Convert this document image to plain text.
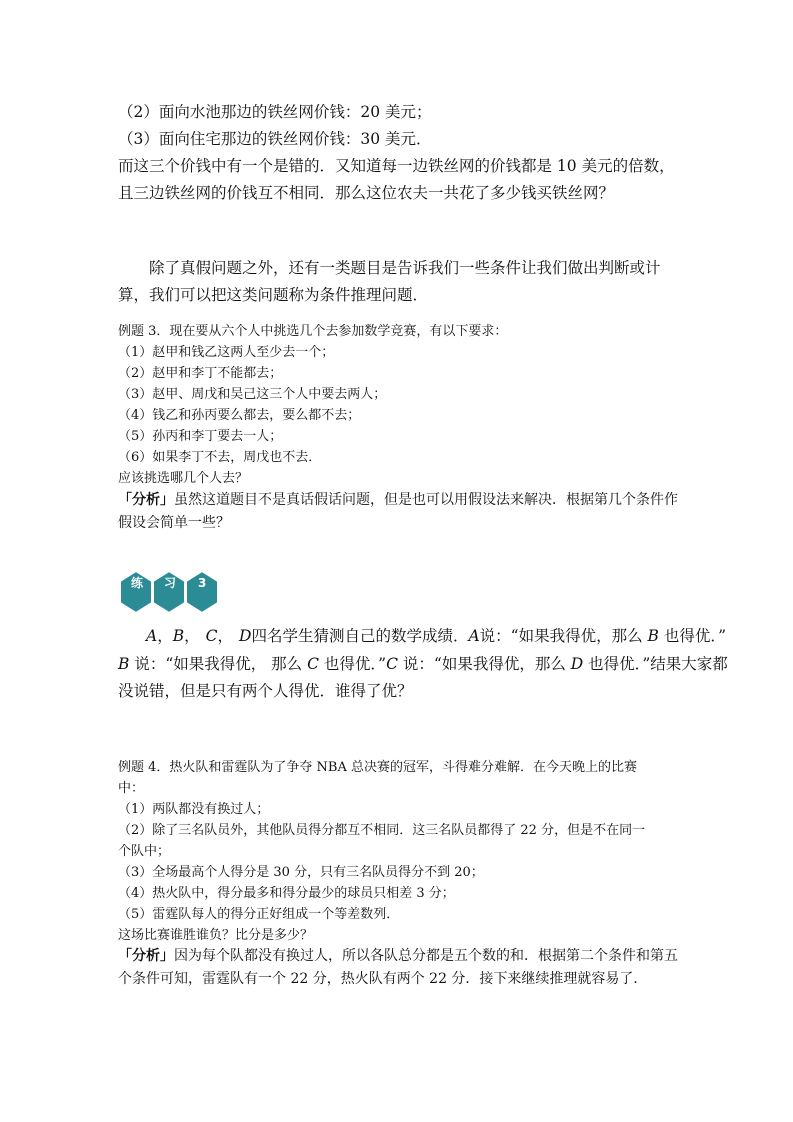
（2）面向水池那边的铁丝网价钱：20 美元；
（3）面向住宅那边的铁丝网价钱：30 美元．
而这三个价钱中有一个是错的．又知道每一边铁丝网的价钱都是 10 美元的倍数，
且三边铁丝网的价钱互不相同．那么这位农夫一共花了多少钱买铁丝网？
除了真假问题之外，还有一类题目是告诉我们一些条件让我们做出判断或计
算，我们可以把这类问题称为条件推理问题．
例题 3．现在要从六个人中挑选几个去参加数学竞赛，有以下要求：
（1）赵甲和钱乙这两人至少去一个；
（2）赵甲和李丁不能都去；
（3）赵甲、周戊和吴己这三个人中要去两人；
（4）钱乙和孙丙要么都去，要么都不去；
（5）孙丙和李丁要去一人；
（6）如果李丁不去，周戊也不去．
应该挑选哪几个人去？
「分析」虽然这道题目不是真话假话问题，但是也可以用假设法来解决．根据第几个条件作
假设会简单一些？
练 习 3
A，B， C， D四名学生猜测自己的数学成绩．A说：“如果我得优，那么 B 也得优．”
B 说：“如果我得优， 那么 C 也得优．”C 说：“如果我得优，那么 D 也得优．”结果大家都
没说错，但是只有两个人得优．谁得了优？
例题 4．热火队和雷霆队为了争夺 NBA 总决赛的冠军，斗得难分难解．在今天晚上的比赛
中：
（1）两队都没有换过人；
（2）除了三名队员外，其他队员得分都互不相同．这三名队员都得了 22 分，但是不在同一
个队中；
（3）全场最高个人得分是 30 分，只有三名队员得分不到 20；
（4）热火队中，得分最多和得分最少的球员只相差 3 分；
（5）雷霆队每人的得分正好组成一个等差数列．
这场比赛谁胜谁负？比分是多少？
「分析」因为每个队都没有换过人，所以各队总分都是五个数的和．根据第二个条件和第五
个条件可知，雷霆队有一个 22 分，热火队有两个 22 分．接下来继续推理就容易了．
